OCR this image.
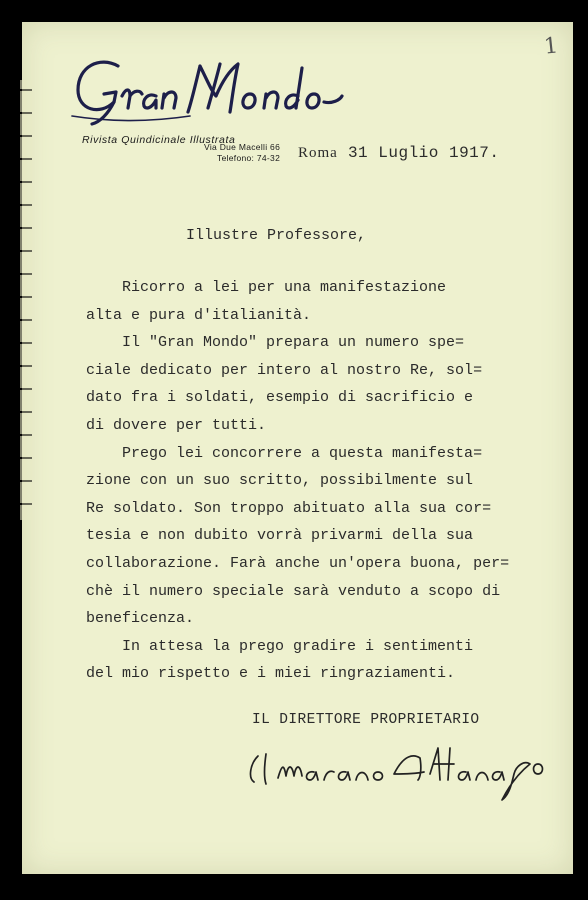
1
Rivista Quindicinale Illustrata
Via Due Macelli 66
Telefono: 74-32 Roma 31 Luglio 1917.
Illustre Professore,
Ricorro a lei per una manifestazione
alta e pura d'italianità.
Il "Gran Mondo" prepara un numero spe=
ciale dedicato per intero al nostro Re, sol=
dato fra i soldati, esempio di sacrificio e
di dovere per tutti.
Prego lei concorrere a questa manifesta=
zione con un suo scritto, possibilmente sul
Re soldato. Son troppo abituato alla sua cor=
tesia e non dubito vorrà privarmi della sua
collaborazione. Farà anche un'opera buona, per=
chè il numero speciale sarà venduto a scopo di
beneficenza.
In attesa la prego gradire i sentimenti
del mio rispetto e i miei ringraziamenti.
IL DIRETTORE PROPRIETARIO
